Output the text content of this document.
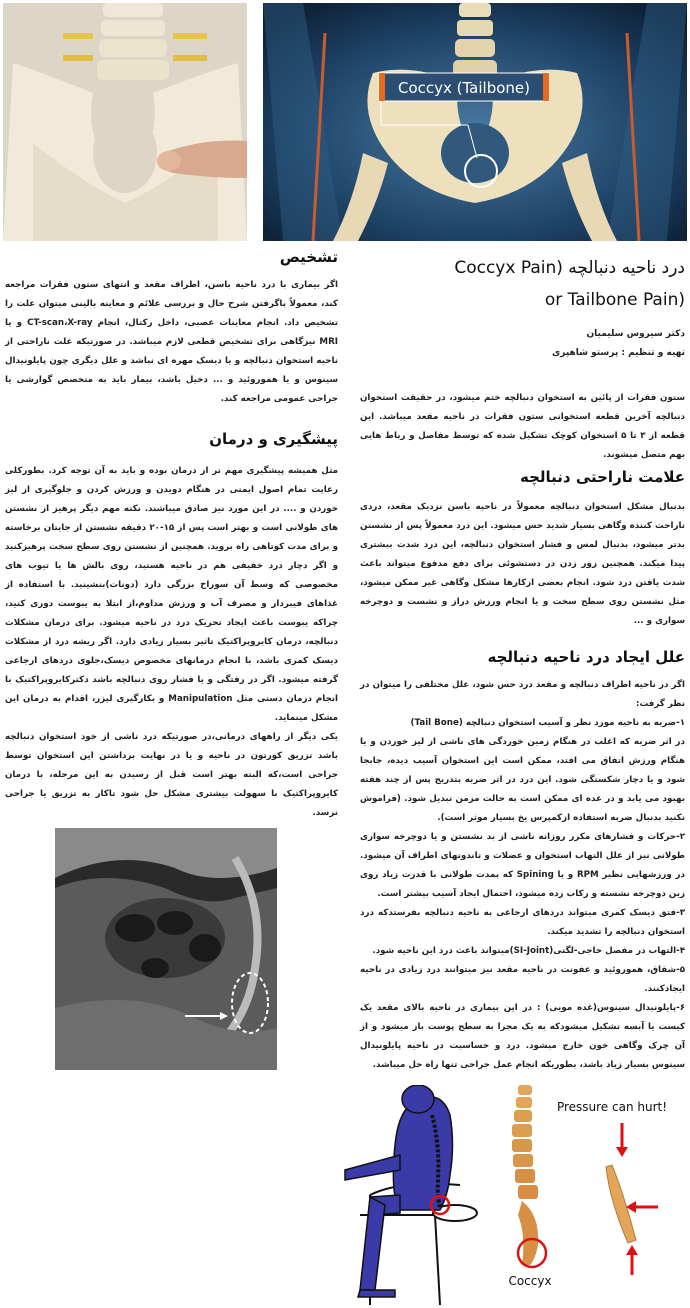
Coccyx (Tailbone)
درد ناحیه دنبالچه (Coccyx Pain
(or Tailbone Pain
دکتر سیروس سلیمیان
تهیه و تنظیم : پرستو شاهپری

ستون فقرات از پائین به استخوان دنبالچه ختم میشود، در حقیقت استخوان دنبالچه آخرین قطعه استخوانی ستون فقرات در ناحیه مقعد میباشد. این قطعه از ۳ تا ۵ استخوان کوچک تشکیل شده که توسط مفاصل و رباط هایی بهم متصل میشوند.

علامت ناراحتی دنبالچه

بدنبال مشکل استخوان دنبالچه معمولاً در ناحیه باسن نزدیک مقعد، دردی ناراحت کننده وگاهی بسیار شدید حس میشود. این درد معمولاً پس از نشستن بدتر میشود، بدنبال لمس و فشار استخوان دنبالچه، این درد شدت بیشتری پیدا میکند. همچنین زور زدن در دستشوئی برای دفع مدفوع میتواند باعث شدت یافتن درد شود. انجام بعضی ازکارها مشکل وگاهی غیر ممکن میشود، مثل نشستن روی سطح سخت و یا انجام ورزش دراز و نشست و دوچرخه سواری و ...

علل ایجاد درد ناحیه دنبالچه

اگر در ناحیه اطراف دنبالچه و مقعد درد حس شود، علل مختلفی را میتوان در نظر گرفت:

۱-ضربه به ناحیه مورد نظر و آسیب استخوان دنبالچه (Tail Bone)

در اثر ضربه که اغلب در هنگام زمین خوردگی های ناشی از لیز خوردن و یا هنگام ورزش اتفاق می افتد، ممکن است این استخوان آسیب دیده، جابجا شود و یا دچار شکستگی شود. این درد در اثر ضربه بتدریج پس از چند هفته بهبود می یابد و در عده ای ممکن است به حالت مزمن تبدیل شود. (فراموش نکنید بدنبال ضربه استفاده ازکمپرس یخ بسیار موثر است).

۲-حرکات و فشارهای مکرر روزانه ناشی از بد نشستن و یا دوچرخه سواری طولانی نیز از علل التهاب استخوان و عضلات و تاندونهای اطراف آن میشود. در ورزشهایی نظیر RPM و یا Spining که بمدت طولانی با قدرت زیاد روی زین دوچرخه نشسته و رکاب زده میشود، احتمال ایجاد آسیب بیشتر است.

۳-فتق دیسک کمری میتواند دردهای ارجاعی به ناحیه دنبالچه بفرستدکه درد استخوان دنبالچه را تشدید میکند.

۴-التهاب در مفصل خاجی-لگنی(SI-Joint)میتواند باعث درد این ناحیه شود.

۵-شقاق، هموروئید و عفونت در ناحیه مقعد نیز میتوانند درد زیادی در ناحیه ایجادکنند.

۶-پایلونیدال سینوس(غده مویی) : در این بیماری در ناحیه بالای مقعد یک کیست یا آبسه تشکیل میشودکه به یک مجرا به سطح پوست باز میشود و از آن چرک وگاهی خون خارج میشود. درد و حساسیت در ناحیه پایلونیدال سینوس بسیار زیاد باشد، بطوریکه انجام عمل جراحی تنها راه حل میباشد.

تشخیص

اگر بیماری با درد ناحیه باسن، اطراف مقعد و انتهای ستون فقرات مراجعه کند، معمولاً باگرفتن شرح حال و بررسی علائم و معاینه بالینی میتوان علت را تشخیص داد. انجام معاینات عصبی، داخل رکتال، انجام CT-scan،X-ray و یا MRI نیزگاهی برای تشخیص قطعی لازم میباشد. در صورتیکه علت ناراحتی از ناحیه استخوان دنبالچه و یا دیسک مهره ای نباشد و علل دیگری چون پایلونیدال سینوس و یا هموروئید و ... دخیل باشد، بیمار باید به متخصص گوارشی یا جراحی عمومی مراجعه کند.

پیشگیری و درمان

مثل همیشه پیشگیری مهم تر از درمان بوده و باید به آن توجه کرد. بطورکلی رعایت تمام اصول ایمنی در هنگام دویدن و ورزش کردن و جلوگیری از لیز خوردن و .... در این مورد نیز صادق میباشند. نکته مهم دیگر پرهیز از نشستن های طولانی است و بهتر است پس از ۱۵-۲۰ دقیقه نشستن از جایتان برخاسته و برای مدت کوتاهی راه بروید. همچنین از نشستن روی سطح سخت پرهیزکنید و اگر دچار درد خفیفی هم در ناحیه هستید، روی بالش ها یا تیوب های مخصوصی که وسط آن سوراخ بزرگی دارد (دونات)بنشینید. با استفاده از غذاهای فیبردار و مصرف آب و ورزش مداوم،از ابتلا به یبوست دوری کنید، چراکه یبوست باعث ایجاد تحریک درد در ناحیه میشود. برای درمان مشکلات دنبالچه، درمان کایروپراکتیک تاثیر بسیار زیادی دارد. اگر ریشه درد از مشکلات دیسک کمری باشد، با انجام درمانهای مخصوص دیسک،جلوی دردهای ارجاعی گرفته میشود. اگر در رفتگی و یا فشار روی دنبالچه باشد دکترکایروپراکتیک با انجام درمان دستی مثل Manipulation و بکارگیری لیزر، اقدام به درمان این مشکل مینماید.

یکی دیگر از راههای درمانی،در صورتیکه درد ناشی از خود استخوان دنبالچه باشد تزریق کورتون در ناحیه و یا در نهایت برداشتن این استخوان توسط جراحی است،که البته بهتر است قبل از رسیدن به این مرحله، با درمان کایروپراکتیک با سهولت بیشتری مشکل حل شود تاکار به تزریق یا جراحی نرسد.

Coccyx
Pressure can hurt!
